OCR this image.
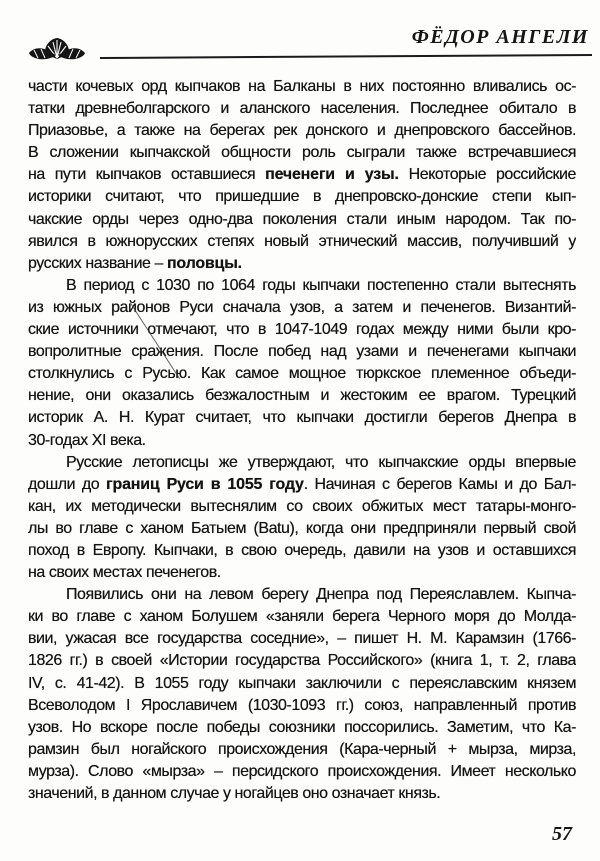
ФЁДОР АНГЕЛИ
части кочевых орд кыпчаков на Балканы в них постоянно вливались ос-
татки древнеболгарского и аланского населения. Последнее обитало в
Приазовье, а также на берегах рек донского и днепровского бассейнов.
В сложении кыпчакской общности роль сыграли также встречавшиеся
на пути кыпчаков оставшиеся печенеги и узы. Некоторые российские
историки считают, что пришедшие в днепровско-донские степи кып-
чакские орды через одно-два поколения стали иным народом. Так по-
явился в южнорусских степях новый этнический массив, получивший у
русских название – половцы.
В период с 1030 по 1064 годы кыпчаки постепенно стали вытеснять
из южных районов Руси сначала узов, а затем и печенегов. Византий-
ские источники отмечают, что в 1047-1049 годах между ними были кро-
вопролитные сражения. После побед над узами и печенегами кыпчаки
столкнулись с Русью. Как самое мощное тюркское племенное объеди-
нение, они оказались безжалостным и жестоким ее врагом. Турецкий
историк А. Н. Курат считает, что кыпчаки достигли берегов Днепра в
30-годах XI века.
Русские летописцы же утверждают, что кыпчакские орды впервые
дошли до границ Руси в 1055 году. Начиная с берегов Камы и до Бал-
кан, их методически вытеснялим со своих обжитых мест татары-монго-
лы во главе с ханом Батыем (Batu), когда они предприняли первый свой
поход в Европу. Кыпчаки, в свою очередь, давили на узов и оставшихся
на своих местах печенегов.
Появились они на левом берегу Днепра под Переяславлем. Кыпча-
ки во главе с ханом Болушем «заняли берега Черного моря до Молда-
вии, ужасая все государства соседние», – пишет Н. М. Карамзин (1766-
1826 гг.) в своей «Истории государства Российского» (книга 1, т. 2, глава
IV, с. 41-42). В 1055 году кыпчаки заключили с переяславским князем
Всеволодом I Ярославичем (1030-1093 гг.) союз, направленный против
узов. Но вскоре после победы союзники поссорились. Заметим, что Ка-
рамзин был ногайского происхождения (Кара-черный + мырза, мирза,
мурза). Слово «мырза» – персидского происхождения. Имеет несколько
значений, в данном случае у ногайцев оно означает князь.
57
